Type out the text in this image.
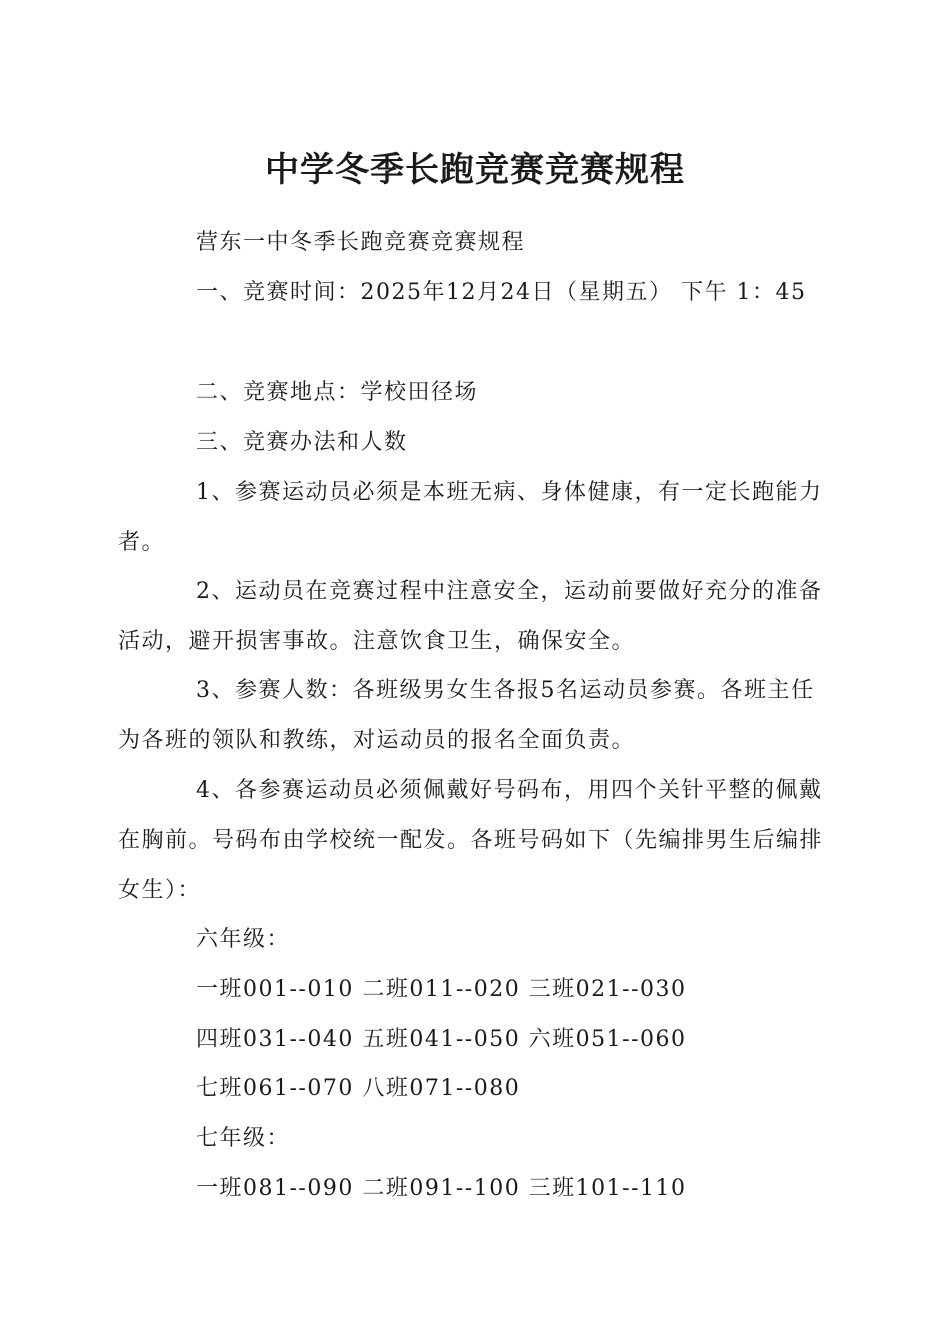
中学冬季长跑竞赛竞赛规程
营东一中冬季长跑竞赛竞赛规程
一、竞赛时间：2025年12月24日（星期五） 下午 1：45
二、竞赛地点：学校田径场
三、竞赛办法和人数
1、参赛运动员必须是本班无病、身体健康，有一定长跑能力者。
2、运动员在竞赛过程中注意安全，运动前要做好充分的准备活动，避开损害事故。注意饮食卫生，确保安全。
3、参赛人数：各班级男女生各报5名运动员参赛。各班主任为各班的领队和教练，对运动员的报名全面负责。
4、各参赛运动员必须佩戴好号码布，用四个关针平整的佩戴在胸前。号码布由学校统一配发。各班号码如下（先编排男生后编排女生）：
六年级：
一班001--010 二班011--020 三班021--030
四班031--040 五班041--050 六班051--060
七班061--070 八班071--080
七年级：
一班081--090 二班091--100 三班101--110
